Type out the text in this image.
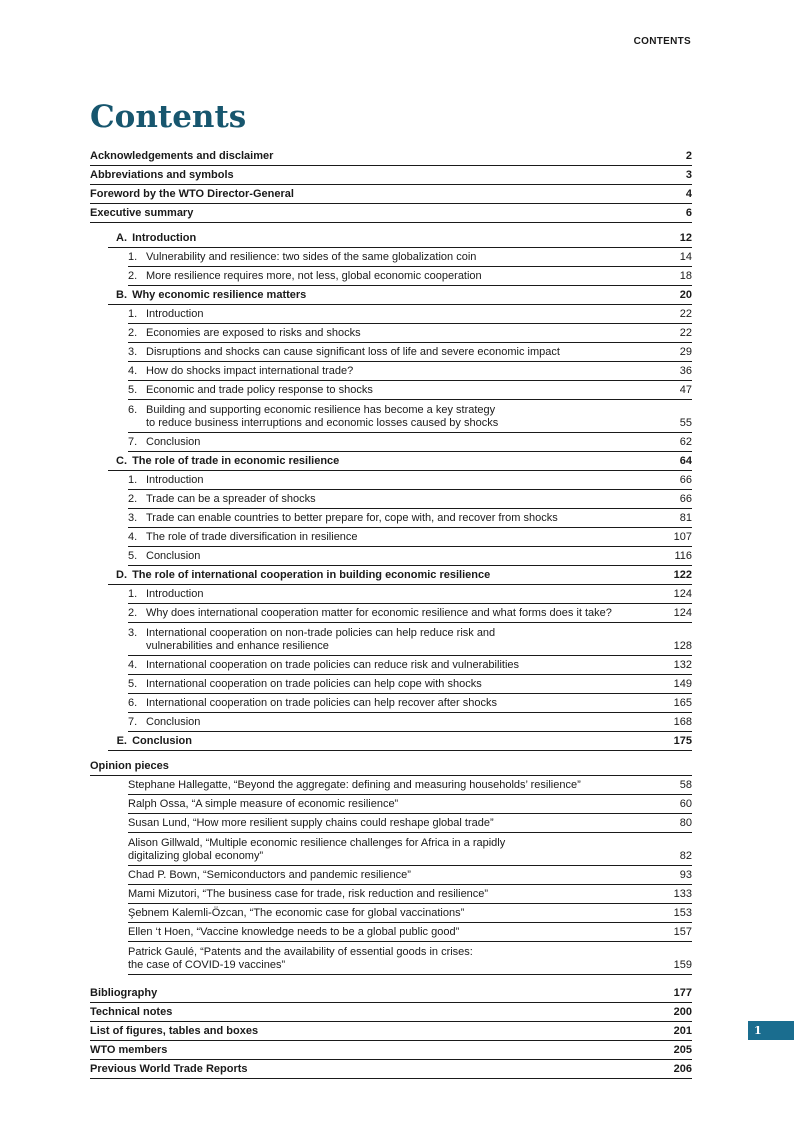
CONTENTS
Contents
Acknowledgements and disclaimer	2
Abbreviations and symbols	3
Foreword by the WTO Director-General	4
Executive summary	6
A. Introduction	12
1. Vulnerability and resilience: two sides of the same globalization coin	14
2. More resilience requires more, not less, global economic cooperation	18
B. Why economic resilience matters	20
1. Introduction	22
2. Economies are exposed to risks and shocks	22
3. Disruptions and shocks can cause significant loss of life and severe economic impact	29
4. How do shocks impact international trade?	36
5. Economic and trade policy response to shocks	47
6. Building and supporting economic resilience has become a key strategy
to reduce business interruptions and economic losses caused by shocks	55
7. Conclusion	62
C. The role of trade in economic resilience	64
1. Introduction	66
2. Trade can be a spreader of shocks	66
3. Trade can enable countries to better prepare for, cope with, and recover from shocks	81
4. The role of trade diversification in resilience	107
5. Conclusion	116
D. The role of international cooperation in building economic resilience	122
1. Introduction	124
2. Why does international cooperation matter for economic resilience and what forms does it take?	124
3. International cooperation on non-trade policies can help reduce risk and
vulnerabilities and enhance resilience	128
4. International cooperation on trade policies can reduce risk and vulnerabilities	132
5. International cooperation on trade policies can help cope with shocks	149
6. International cooperation on trade policies can help recover after shocks	165
7. Conclusion	168
E. Conclusion	175
Opinion pieces
Stephane Hallegatte, “Beyond the aggregate: defining and measuring households’ resilience”	58
Ralph Ossa, “A simple measure of economic resilience”	60
Susan Lund, “How more resilient supply chains could reshape global trade”	80
Alison Gillwald, “Multiple economic resilience challenges for Africa in a rapidly
digitalizing global economy”	82
Chad P. Bown, “Semiconductors and pandemic resilience”	93
Mami Mizutori, “The business case for trade, risk reduction and resilience”	133
Şebnem Kalemli-Özcan, “The economic case for global vaccinations”	153
Ellen ‘t Hoen, “Vaccine knowledge needs to be a global public good”	157
Patrick Gaulé, “Patents and the availability of essential goods in crises:
the case of COVID-19 vaccines”	159
Bibliography	177
Technical notes	200
List of figures, tables and boxes	201
WTO members	205
Previous World Trade Reports	206
1
